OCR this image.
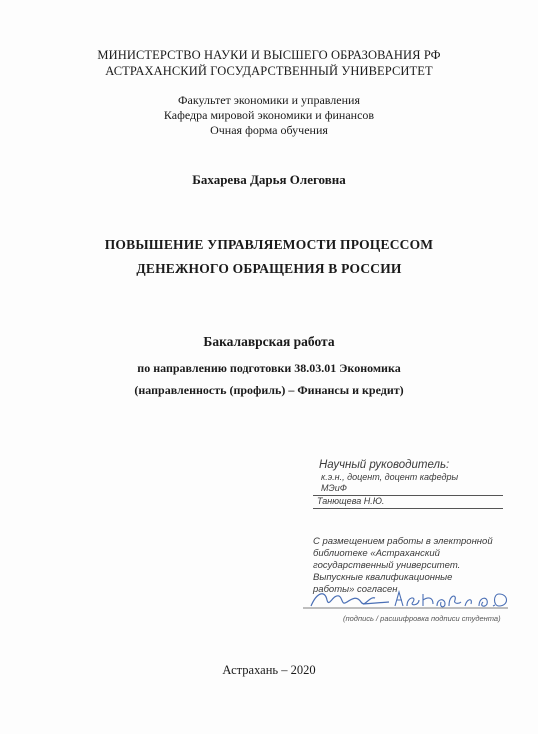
МИНИСТЕРСТВО НАУКИ И ВЫСШЕГО ОБРАЗОВАНИЯ РФ
АСТРАХАНСКИЙ ГОСУДАРСТВЕННЫЙ УНИВЕРСИТЕТ
Факультет экономики и управления
Кафедра мировой экономики и финансов
Очная форма обучения
Бахарева Дарья Олеговна
ПОВЫШЕНИЕ УПРАВЛЯЕМОСТИ ПРОЦЕССОМ
ДЕНЕЖНОГО ОБРАЩЕНИЯ В РОССИИ
Бакалаврская работа
по направлению подготовки 38.03.01 Экономика
(направленность (профиль) – Финансы и кредит)
Научный руководитель:
к.э.н., доцент, доцент кафедры
МЭиФ
Танющева Н.Ю.
С размещением работы в электронной
библиотеке «Астраханский
государственный университет.
Выпускные квалификационные
работы» согласен
(подпись / расшифровка подписи студента)
Астрахань – 2020
